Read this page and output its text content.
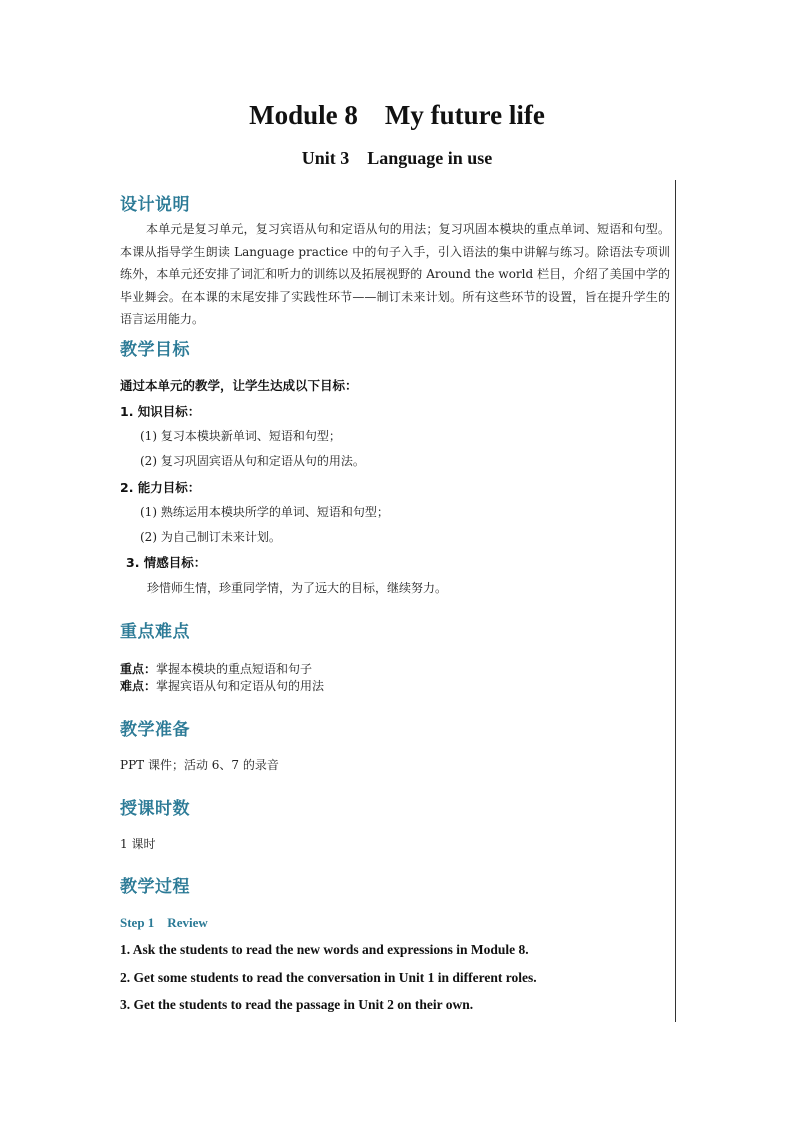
Module 8 My future life
Unit 3 Language in use
设计说明
本单元是复习单元，复习宾语从句和定语从句的用法；复习巩固本模块的重点单词、短语和句型。本课从指导学生朗读 Language practice 中的句子入手，引入语法的集中讲解与练习。除语法专项训练外，本单元还安排了词汇和听力的训练以及拓展视野的 Around the world 栏目，介绍了美国中学的毕业舞会。在本课的末尾安排了实践性环节——制订未来计划。所有这些环节的设置，旨在提升学生的语言运用能力。
教学目标
通过本单元的教学，让学生达成以下目标：
1. 知识目标：
(1) 复习本模块新单词、短语和句型；
(2) 复习巩固宾语从句和定语从句的用法。
2. 能力目标：
(1) 熟练运用本模块所学的单词、短语和句型；
(2) 为自己制订未来计划。
3. 情感目标：
珍惜师生情，珍重同学情，为了远大的目标，继续努力。
重点难点
重点：掌握本模块的重点短语和句子
难点：掌握宾语从句和定语从句的用法
教学准备
PPT 课件；活动 6、7 的录音
授课时数
1 课时
教学过程
Step 1 Review
1. Ask the students to read the new words and expressions in Module 8.
2. Get some students to read the conversation in Unit 1 in different roles.
3. Get the students to read the passage in Unit 2 on their own.
